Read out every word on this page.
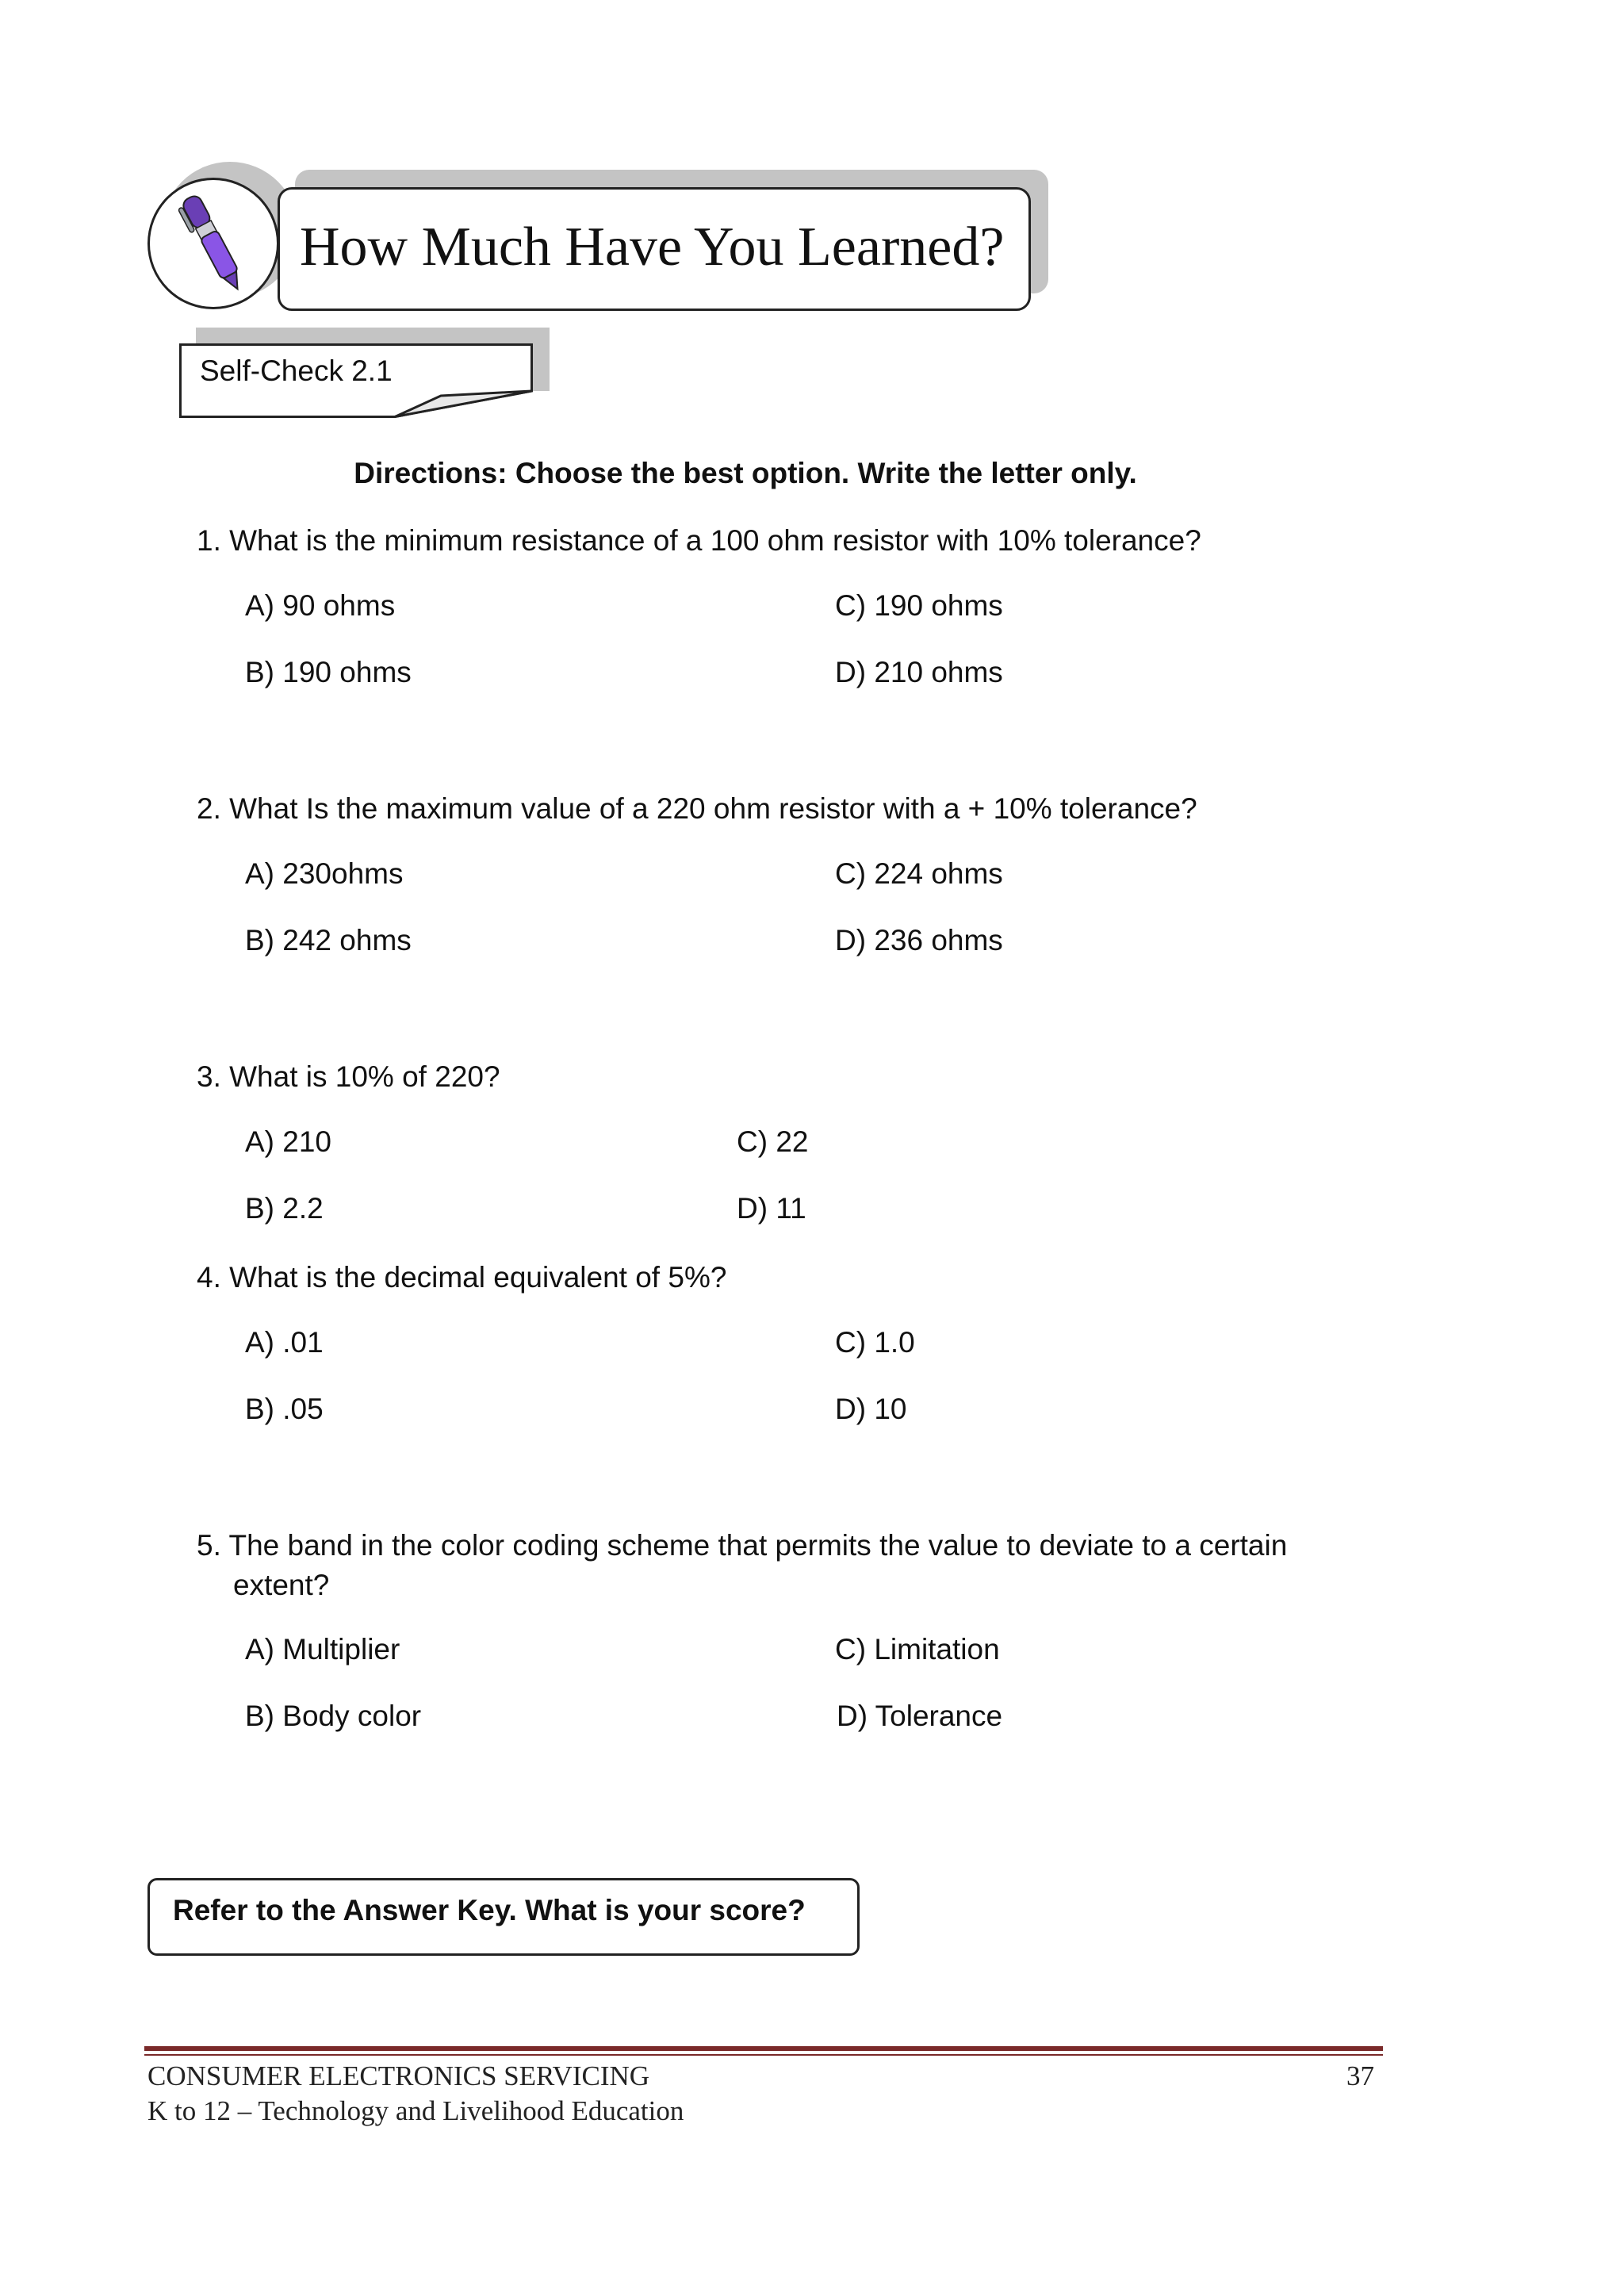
How Much Have You Learned?
Self-Check 2.1
Directions: Choose the best option. Write the letter only.
1. What is the minimum resistance of a 100 ohm resistor with 10% tolerance?
A) 90 ohms	C) 190 ohms
B) 190 ohms	D) 210 ohms
2. What Is the maximum value of a 220 ohm resistor with a + 10% tolerance?
A) 230ohms	C) 224 ohms
B) 242 ohms	D) 236 ohms
3. What is 10% of 220?
A) 210	C) 22
B) 2.2	D) 11
4. What is the decimal equivalent of 5%?
A) .01	C) 1.0
B) .05	D) 10
5. The band in the color coding scheme that permits the value to deviate to a certain
extent?
A) Multiplier	C) Limitation
B) Body color	D) Tolerance
Refer to the Answer Key. What is your score?
CONSUMER ELECTRONICS SERVICING	37
K to 12 – Technology and Livelihood Education
